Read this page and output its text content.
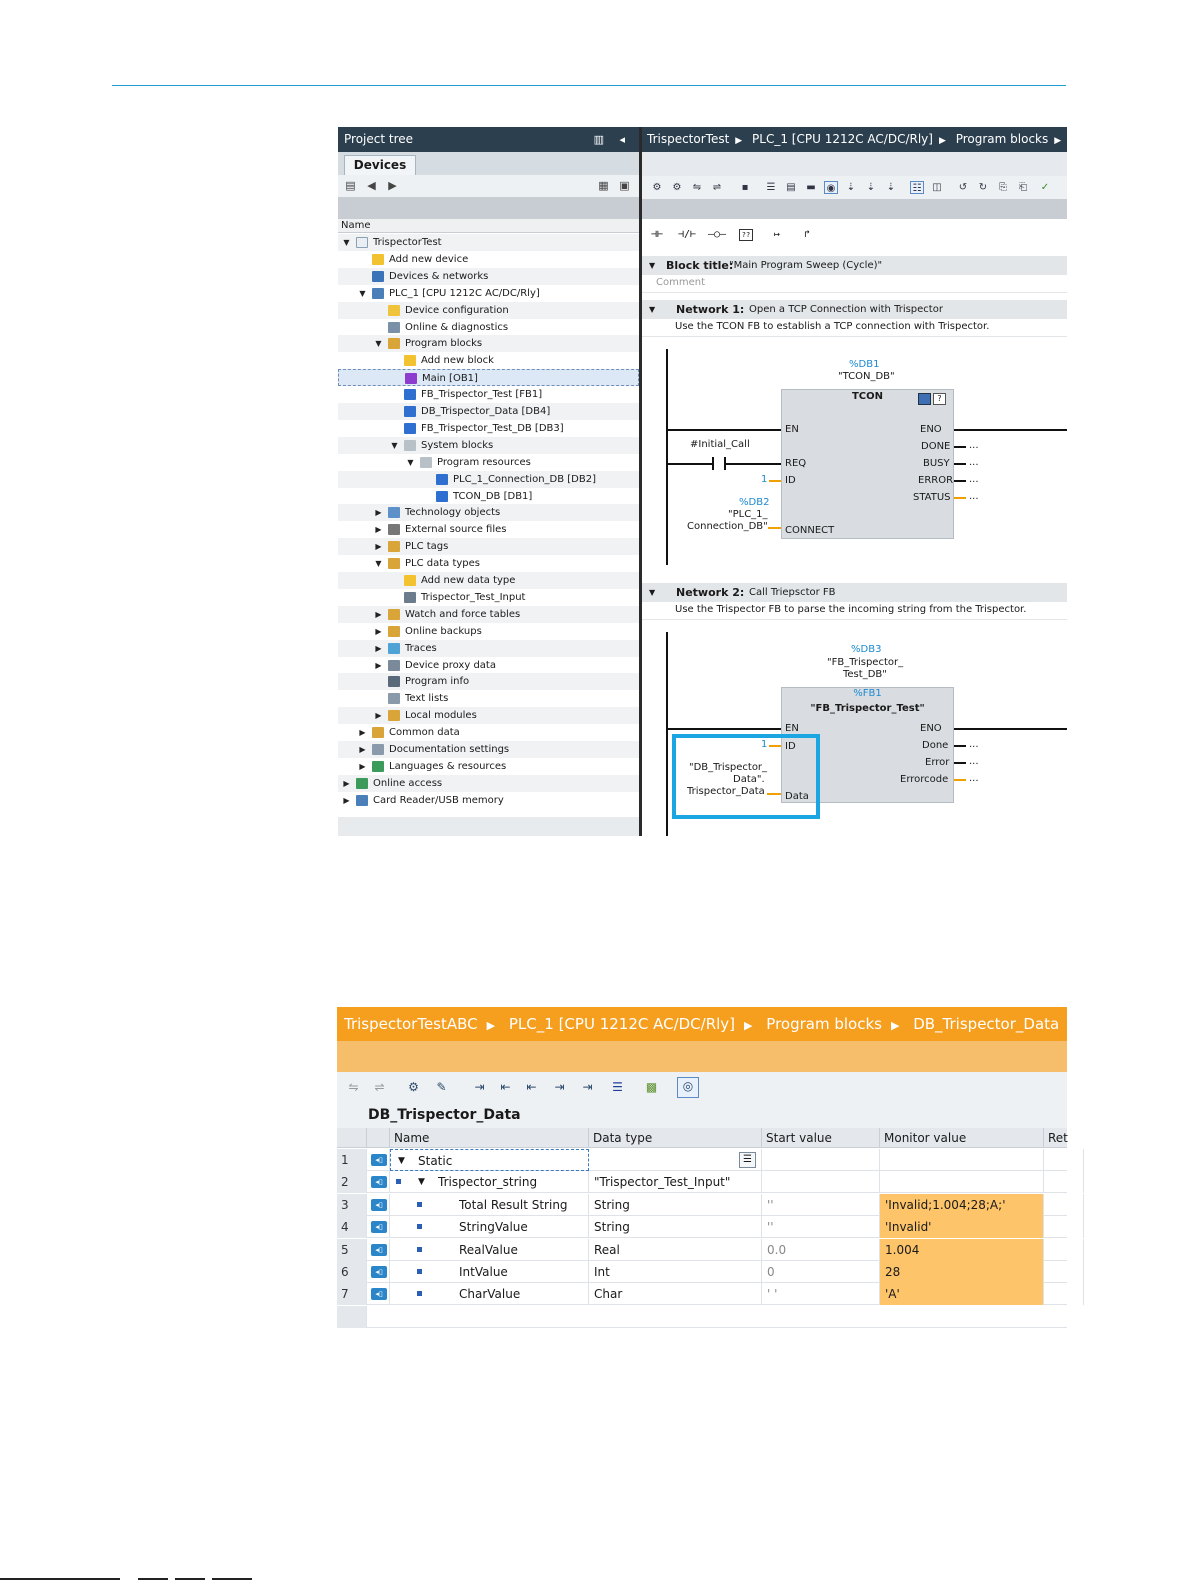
Project tree	▥ ◂
Devices
▤ ◀ ▶	▦ ▣
Name
▼ TrispectorTest
Add new device
Devices & networks
▼ PLC_1 [CPU 1212C AC/DC/Rly]
Device configuration
Online & diagnostics
▼ Program blocks
Add new block
Main [OB1]
FB_Trispector_Test [FB1]
DB_Trispector_Data [DB4]
FB_Trispector_Test_DB [DB3]
▼ System blocks
▼ Program resources
PLC_1_Connection_DB [DB2]
TCON_DB [DB1]
▶ Technology objects
▶ External source files
▶ PLC tags
▼ PLC data types
Add new data type
Trispector_Test_Input
▶ Watch and force tables
▶ Online backups
▶ Traces
▶ Device proxy data
Program info
Text lists
▶ Local modules
▶ Common data
▶ Documentation settings
▶ Languages & resources
▶ Online access
▶ Card Reader/USB memory
TrispectorTest ▶ PLC_1 [CPU 1212C AC/DC/Rly] ▶ Program blocks ▶ Ma
⚙ ⚙ ⇋ ⇌	▪	☰ ▤ ▬ ◉ ⇣ ⇣ ⇣ ☷ ◫ ↺ ↻	⎘	⎗	✓
⊣⊢	⊣/⊢ –○–	??	↦	↱
▼ Block title:
"Main Program Sweep (Cycle)"
Comment
▼ Network 1: Open a TCP Connection with Trispector
Use the TCON FB to establish a TCP connection with Trispector.
%DB1
"TCON_DB"
TCON	?
EN	ENO
#Initial_Call
REQ
1 ID
%DB2
"PLC_1_
Connection_DB" CONNECT
DONE ...
BUSY ...
ERROR ...
STATUS ...
▼ Network 2: Call Triepsctor FB
Use the Trispector FB to parse the incoming string from the Trispector.
%DB3
"FB_Trispector_
Test_DB"
%FB1
"FB_Trispector_Test"
EN	ENO
1 ID
"DB_Trispector_
Data".
Trispector_Data Data
Done ...
Error ...
Errorcode ...
TrispectorTestABC ▶ PLC_1 [CPU 1212C AC/DC/Rly] ▶ Program blocks ▶ DB_Trispector_Data
⇋ ⇌ ⚙ ✎ ⇥ ⇤ ⇤ ⇥ ⇥ ☰ ▩	◎
DB_Trispector_Data
Name	Data type	Start value	Monitor value	Ret
1	◂▯	▼ Static	☰
2	◂▯	▼ Trispector_string	"Trispector_Test_Input"
3	◂▯	Total Result String	String	''	'Invalid;1.004;28;A;'
4	◂▯	StringValue	String	''	'Invalid'
5	◂▯	RealValue	Real	0.0	1.004
6	◂▯	IntValue	Int	0	28
7	◂▯	CharValue	Char	' '	'A'
